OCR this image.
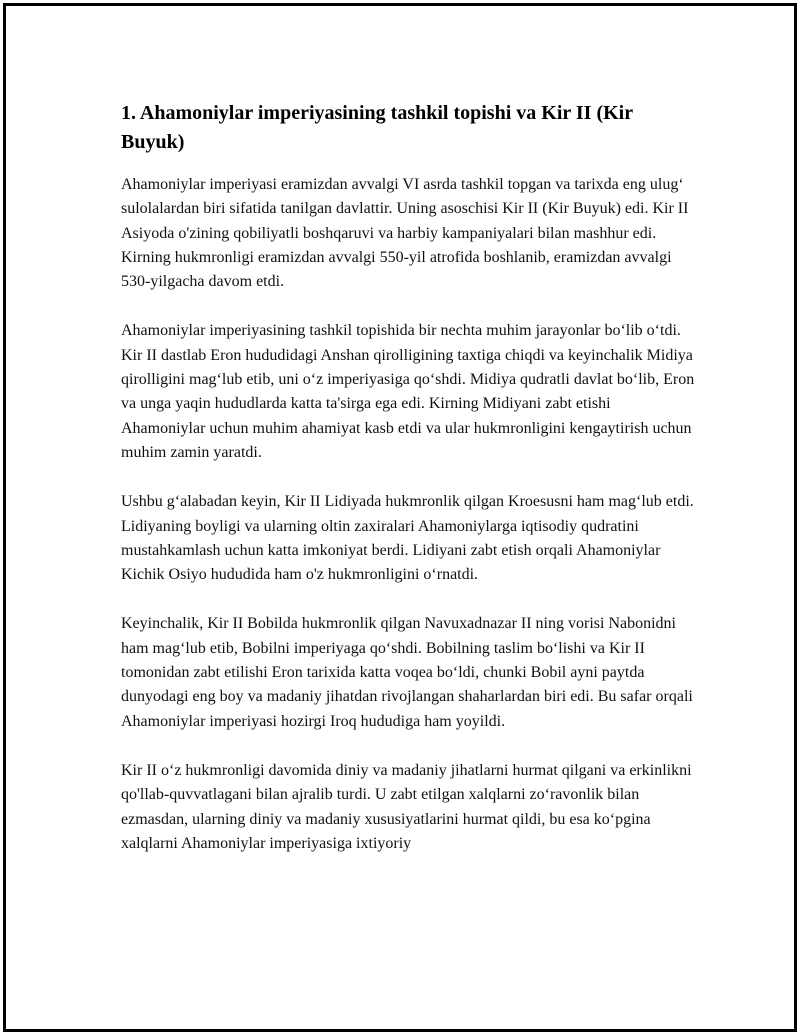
1. Ahamoniylar imperiyasining tashkil topishi va Kir II (Kir Buyuk)

Ahamoniylar imperiyasi eramizdan avvalgi VI asrda tashkil topgan va tarixda eng ulug‘ sulolalardan biri sifatida tanilgan davlattir. Uning asoschisi Kir II (Kir Buyuk) edi. Kir II Asiyoda o'zining qobiliyatli boshqaruvi va harbiy kampaniyalari bilan mashhur edi. Kirning hukmronligi eramizdan avvalgi 550-yil atrofida boshlanib, eramizdan avvalgi 530-yilgacha davom etdi.

Ahamoniylar imperiyasining tashkil topishida bir nechta muhim jarayonlar bo‘lib o‘tdi. Kir II dastlab Eron hududidagi Anshan qirolligining taxtiga chiqdi va keyinchalik Midiya qirolligini mag‘lub etib, uni o‘z imperiyasiga qo‘shdi. Midiya qudratli davlat bo‘lib, Eron va unga yaqin hududlarda katta ta'sirga ega edi. Kirning Midiyani zabt etishi Ahamoniylar uchun muhim ahamiyat kasb etdi va ular hukmronligini kengaytirish uchun muhim zamin yaratdi.

Ushbu g‘alabadan keyin, Kir II Lidiyada hukmronlik qilgan Kroesusni ham mag‘lub etdi. Lidiyaning boyligi va ularning oltin zaxiralari Ahamoniylarga iqtisodiy qudratini mustahkamlash uchun katta imkoniyat berdi. Lidiyani zabt etish orqali Ahamoniylar Kichik Osiyo hududida ham o'z hukmronligini o‘rnatdi.

Keyinchalik, Kir II Bobilda hukmronlik qilgan Navuxadnazar II ning vorisi Nabonidni ham mag‘lub etib, Bobilni imperiyaga qo‘shdi. Bobilning taslim bo‘lishi va Kir II tomonidan zabt etilishi Eron tarixida katta voqea bo‘ldi, chunki Bobil ayni paytda dunyodagi eng boy va madaniy jihatdan rivojlangan shaharlardan biri edi. Bu safar orqali Ahamoniylar imperiyasi hozirgi Iroq hududiga ham yoyildi.

Kir II o‘z hukmronligi davomida diniy va madaniy jihatlarni hurmat qilgani va erkinlikni qo'llab-quvvatlagani bilan ajralib turdi. U zabt etilgan xalqlarni zo‘ravonlik bilan ezmasdan, ularning diniy va madaniy xususiyatlarini hurmat qildi, bu esa ko‘pgina xalqlarni Ahamoniylar imperiyasiga ixtiyoriy
